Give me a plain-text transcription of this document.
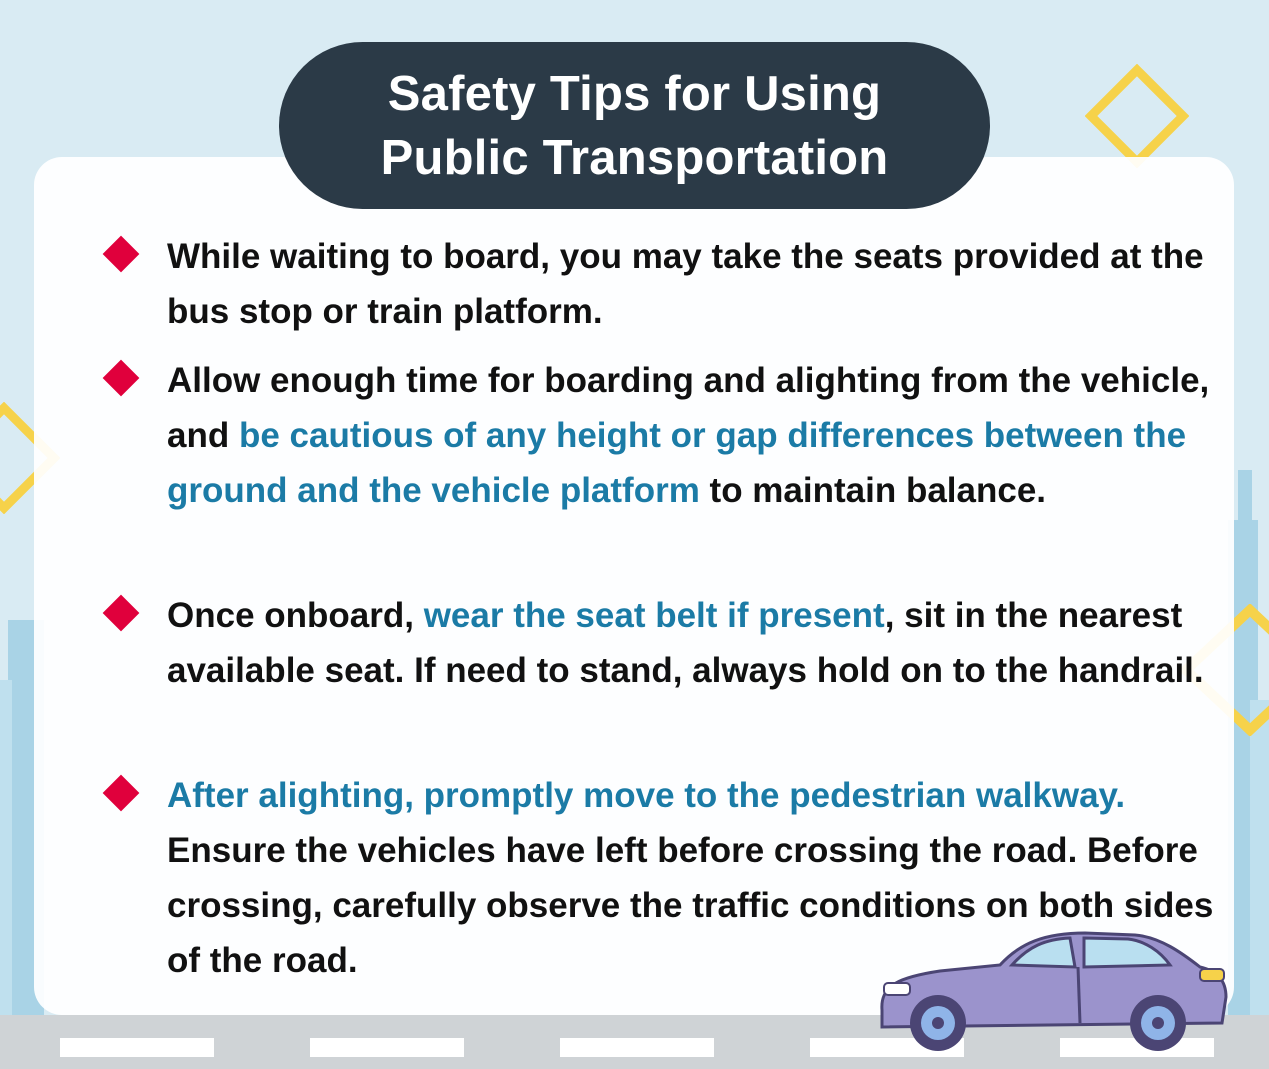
While waiting to board, you may take the seats provided at the bus stop or train platform.
Allow enough time for boarding and alighting from the vehicle, and be cautious of any height or gap differences between the ground and the vehicle platform to maintain balance.
Once onboard, wear the seat belt if present, sit in the nearest available seat. If need to stand, always hold on to the handrail.
After alighting, promptly move to the pedestrian walkway. Ensure the vehicles have left before crossing the road. Before crossing, carefully observe the traffic conditions on both sides of the road.
Safety Tips for Using
Public Transportation
